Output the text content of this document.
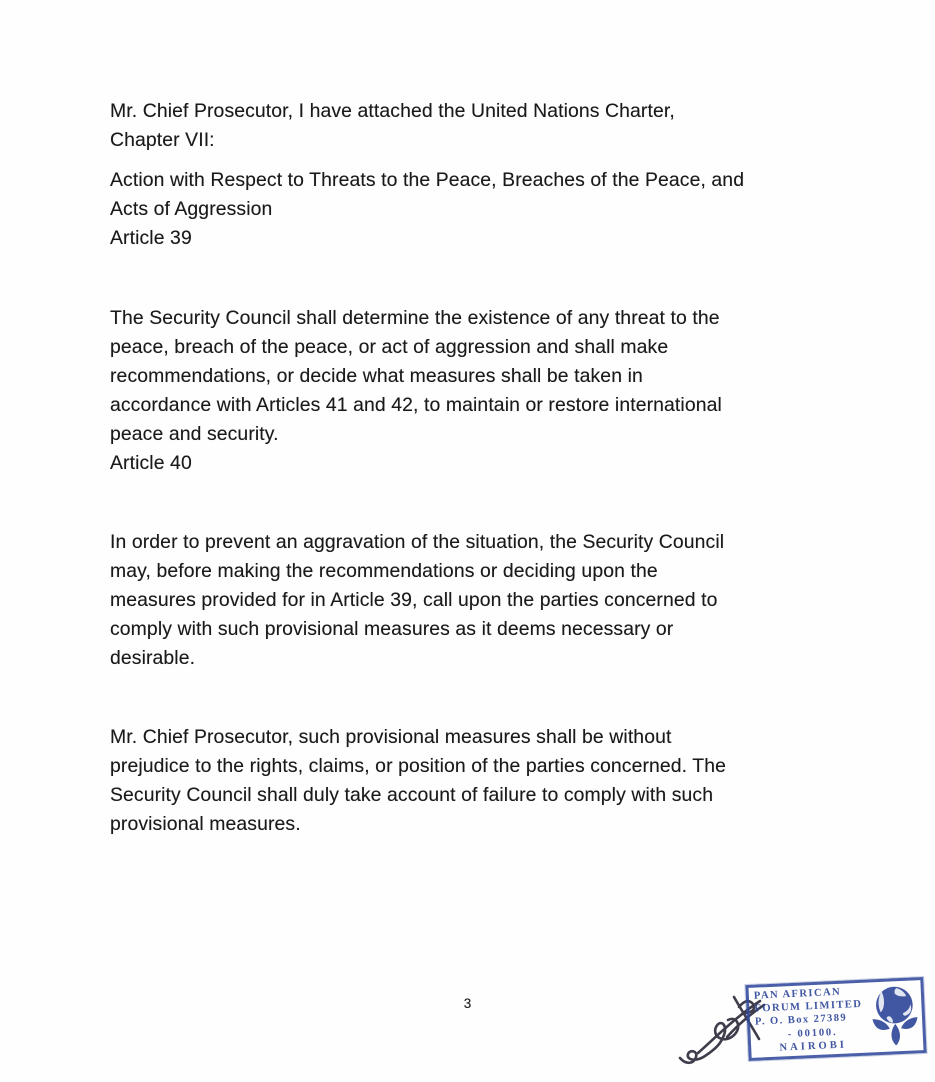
Mr. Chief Prosecutor, I have attached the United Nations Charter,
Chapter VII:

Action with Respect to Threats to the Peace, Breaches of the Peace, and
Acts of Aggression

Article 39

The Security Council shall determine the existence of any threat to the
peace, breach of the peace, or act of aggression and shall make
recommendations, or decide what measures shall be taken in
accordance with Articles 41 and 42, to maintain or restore international
peace and security.

Article 40

In order to prevent an aggravation of the situation, the Security Council
may, before making the recommendations or deciding upon the
measures provided for in Article 39, call upon the parties concerned to
comply with such provisional measures as it deems necessary or
desirable.

Mr. Chief Prosecutor, such provisional measures shall be without
prejudice to the rights, claims, or position of the parties concerned. The
Security Council shall duly take account of failure to comply with such
provisional measures.

3
PAN AFRICAN
FORUM LIMITED
P. O. Box 27389
- 00100.
NAIROBI
